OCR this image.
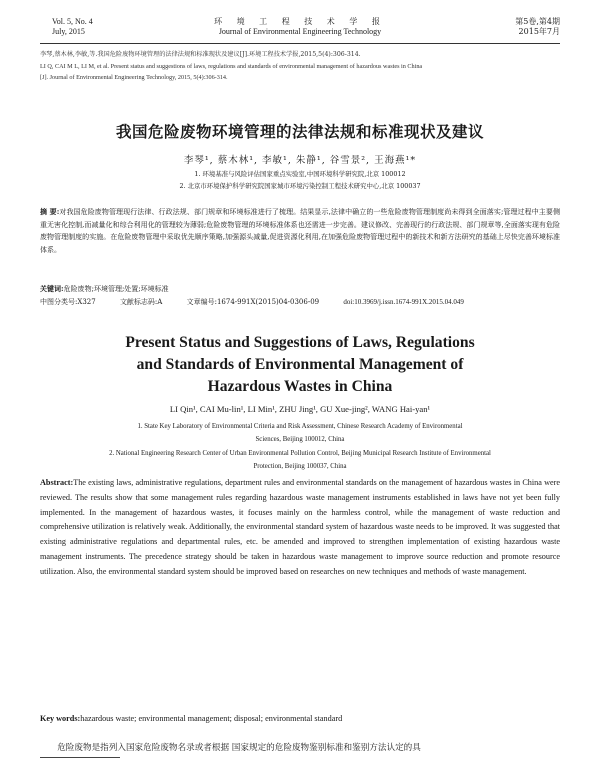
Vol. 5, No. 4
July, 2015
环 境 工 程 技 术 学 报
Journal of Environmental Engineering Technology
第5卷,第4期
2015年7月
李琴,蔡木林,李敏,等.我国危险废物环境管理的法律法规和标准现状及建议[J].环境工程技术学报,2015,5(4):306-314.
LI Q, CAI M L, LI M, et al. Present status and suggestions of laws, regulations and standards of environmental management of hazardous wastes in China
[J]. Journal of Environmental Engineering Technology, 2015, 5(4):306-314.
我国危险废物环境管理的法律法规和标准现状及建议
李琴¹, 蔡木林¹, 李敏¹, 朱静¹, 谷雪景², 王海燕¹*
1. 环境基准与风险评估国家重点实验室,中国环境科学研究院,北京 100012
2. 北京市环境保护科学研究院国家城市环境污染控制工程技术研究中心,北京 100037
摘 要:对我国危险废物管理现行法律、行政法规、部门规章和环境标准进行了梳理。结果显示,法律中确立的一些危险废物管理制度尚未得到全面落实;管理过程中主要侧重无害化控制,而减量化和综合利用化的管理较为薄弱;危险废物管理的环境标准体系也还需进一步完善。建议修改、完善现行的行政法规、部门规章等,全面落实现有危险废物管理制度的实施。在危险废物管理中采取优先顺序策略,加强源头减量,促进资源化利用,在加强危险废物管理过程中的新技术和新方法研究的基础上尽快完善环境标准体系。
关键词:危险废物;环境管理;处置;环境标准
中图分类号:X327	文献标志码:A	文章编号:1674-991X(2015)04-0306-09	doi:10.3969/j.issn.1674-991X.2015.04.049
Present Status and Suggestions of Laws, Regulations
and Standards of Environmental Management of
Hazardous Wastes in China
LI Qin¹, CAI Mu-lin¹, LI Min¹, ZHU Jing¹, GU Xue-jing², WANG Hai-yan¹
1. State Key Laboratory of Environmental Criteria and Risk Assessment, Chinese Research Academy of Environmental
Sciences, Beijing 100012, China
2. National Engineering Research Center of Urban Environmental Pollution Control, Beijing Municipal Research Institute of Environmental
Protection, Beijing 100037, China
Abstract:The existing laws, administrative regulations, department rules and environmental standards on the management of hazardous wastes in China were reviewed. The results show that some management rules regarding hazardous waste management instruments established in laws have not yet been fully implemented. In the management of hazardous wastes, it focuses mainly on the harmless control, while the management of waste reduction and comprehensive utilization is relatively weak. Additionally, the environmental standard system of hazardous waste needs to be improved. It was suggested that existing administrative regulations and departmental rules, etc. be amended and improved to strengthen implementation of existing hazardous waste management instruments. The precedence strategy should be taken in hazardous waste management to improve source reduction and promote resource utilization. Also, the environmental standard system should be improved based on researches on new techniques and methods of waste management.
Key words:hazardous waste; environmental management; disposal; environmental standard
危险废物是指列入国家危险废物名录或者根据 国家规定的危险废物鉴别标准和鉴别方法认定的具
